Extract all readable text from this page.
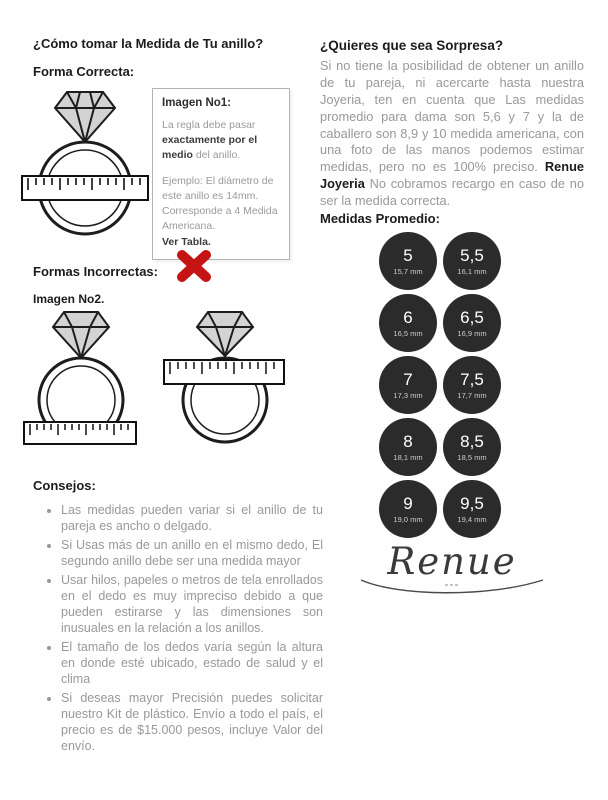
¿Cómo tomar la Medida de Tu anillo?
Forma Correcta:
Imagen No1:
La regla debe pasar exactamente por el medio del anillo.
Ejemplo: El diámetro de este anillo es 14mm. Corresponde a 4 Medida Americana.
Ver Tabla.
Formas Incorrectas:
Imagen No2.
Consejos:
• Las medidas pueden variar si el anillo de tu pareja es ancho o delgado.
• Si Usas más de un anillo en el mismo dedo, El segundo anillo debe ser una medida mayor
• Usar hilos, papeles o metros de tela enrollados en el dedo es muy impreciso debido a que pueden estirarse y las dimensiones son inusuales en la relación a los anillos.
• El tamaño de los dedos varía según la altura en donde esté ubicado, estado de salud y el clima
• Si deseas mayor Precisión puedes solicitar nuestro Kit de plástico. Envío a todo el país, el precio es de $15.000 pesos, incluye Valor del envío.
¿Quieres que sea Sorpresa?
Si no tiene la posibilidad de obtener un anillo de tu pareja, ni acercarte hasta nuestra Joyeria, ten en cuenta que Las medidas promedio para dama son 5,6 y 7 y la de caballero son 8,9 y 10 medida americana, con una foto de las manos podemos estimar medidas, pero no es 100% preciso. Renue Joyeria No cobramos recargo en caso de no ser la medida correcta.
Medidas Promedio:
5
15,7 mm
5,5
16,1 mm
6
16,5 mm
6,5
16,9 mm
7
17,3 mm
7,5
17,7 mm
8
18,1 mm
8,5
18,5 mm
9
19,0 mm
9,5
19,4 mm
Renue
